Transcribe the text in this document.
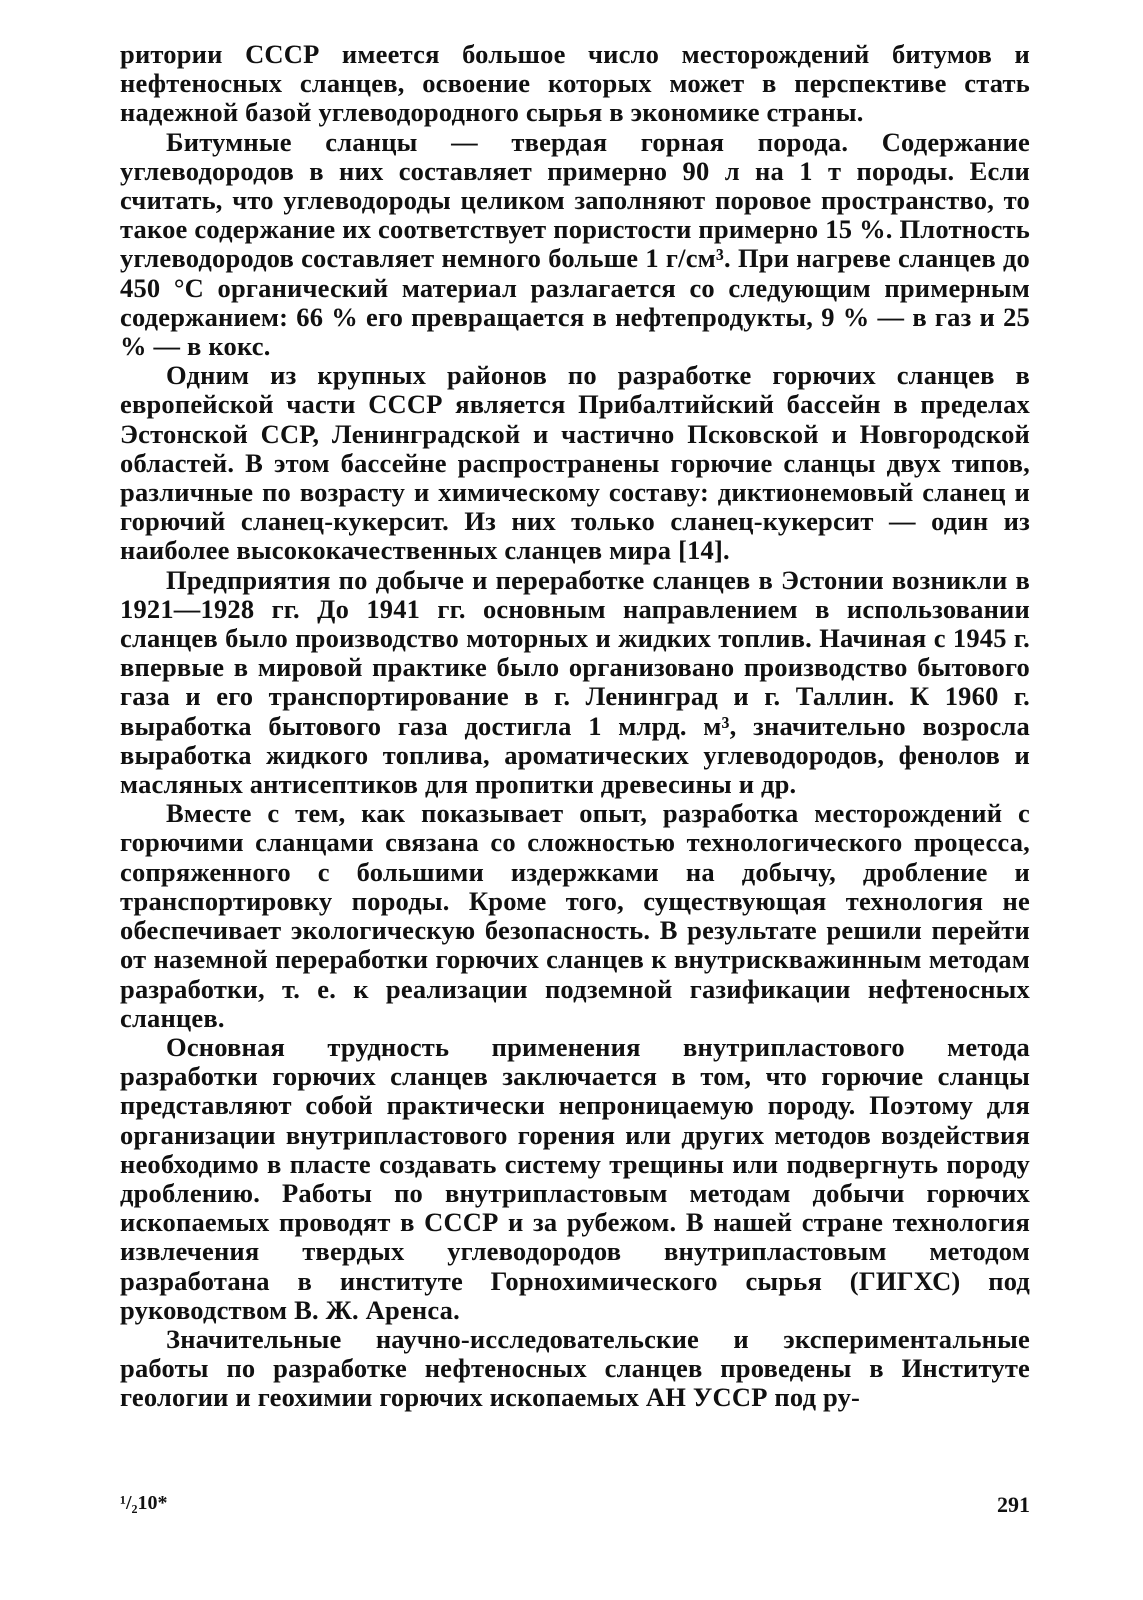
ритории СССР имеется большое число месторождений битумов и нефтеносных сланцев, освоение которых может в перспективе стать надежной базой углеводородного сырья в экономике страны.

Битумные сланцы — твердая горная порода. Содержание углеводородов в них составляет примерно 90 л на 1 т породы. Если считать, что углеводороды целиком заполняют поровое пространство, то такое содержание их соответствует пористости примерно 15 %. Плотность углеводородов составляет немного больше 1 г/см³. При нагреве сланцев до 450 °С органический материал разлагается со следующим примерным содержанием: 66 % его превращается в нефтепродукты, 9 % — в газ и 25 % — в кокс.

Одним из крупных районов по разработке горючих сланцев в европейской части СССР является Прибалтийский бассейн в пределах Эстонской ССР, Ленинградской и частично Псковской и Новгородской областей. В этом бассейне распространены горючие сланцы двух типов, различные по возрасту и химическому составу: диктионемовый сланец и горючий сланец-кукерсит. Из них только сланец-кукерсит — один из наиболее высококачественных сланцев мира [14].

Предприятия по добыче и переработке сланцев в Эстонии возникли в 1921—1928 гг. До 1941 гг. основным направлением в использовании сланцев было производство моторных и жидких топлив. Начиная с 1945 г. впервые в мировой практике было организовано производство бытового газа и его транспортирование в г. Ленинград и г. Таллин. К 1960 г. выработка бытового газа достигла 1 млрд. м³, значительно возросла выработка жидкого топлива, ароматических углеводородов, фенолов и масляных антисептиков для пропитки древесины и др.

Вместе с тем, как показывает опыт, разработка месторождений с горючими сланцами связана со сложностью технологического процесса, сопряженного с большими издержками на добычу, дробление и транспортировку породы. Кроме того, существующая технология не обеспечивает экологическую безопасность. В результате решили перейти от наземной переработки горючих сланцев к внутрискважинным методам разработки, т. е. к реализации подземной газификации нефтеносных сланцев.

Основная трудность применения внутрипластового метода разработки горючих сланцев заключается в том, что горючие сланцы представляют собой практически непроницаемую породу. Поэтому для организации внутрипластового горения или других методов воздействия необходимо в пласте создавать систему трещины или подвергнуть породу дроблению. Работы по внутрипластовым методам добычи горючих ископаемых проводят в СССР и за рубежом. В нашей стране технология извлечения твердых углеводородов внутрипластовым методом разработана в институте Горнохимического сырья (ГИГХС) под руководством В. Ж. Аренса.

Значительные научно-исследовательские и экспериментальные работы по разработке нефтеносных сланцев проведены в Институте геологии и геохимии горючих ископаемых АН УССР под ру-

¹/₂10*	291
